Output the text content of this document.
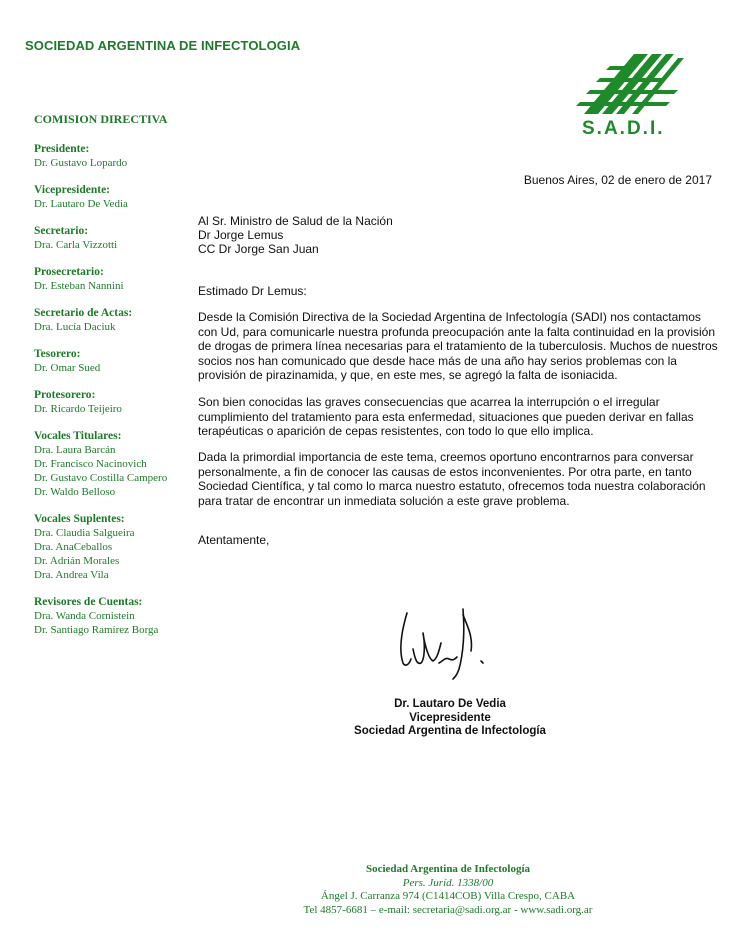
SOCIEDAD ARGENTINA DE INFECTOLOGIA
S.A.D.I.
COMISION DIRECTIVA
Presidente:
Dr. Gustavo Lopardo
Vicepresidente:
Dr. Lautaro De Vedia
Secretario:
Dra. Carla Vizzotti
Prosecretario:
Dr. Esteban Nannini
Secretario de Actas:
Dra. Lucía Daciuk
Tesorero:
Dr. Omar Sued
Protesorero:
Dr. Ricardo Teijeiro
Vocales Titulares:
Dra. Laura Barcán
Dr. Francisco Nacinovich
Dr. Gustavo Costilla Campero
Dr. Waldo Belloso
Vocales Suplentes:
Dra. Claudia Salgueira
Dra. AnaCeballos
Dr. Adrián Morales
Dra. Andrea Vila
Revisores de Cuentas:
Dra. Wanda Cornistein
Dr. Santiago Ramírez Borga
Buenos Aires, 02 de enero de 2017
Al Sr. Ministro de Salud de la Nación
Dr Jorge Lemus
CC Dr Jorge San Juan
Estimado Dr Lemus:
Desde la Comisión Directiva de la Sociedad Argentina de Infectología (SADI) nos contactamos con Ud, para comunicarle nuestra profunda preocupación ante la falta continuidad en la provisión de drogas de primera línea necesarias para el tratamiento de la tuberculosis. Muchos de nuestros socios nos han comunicado que desde hace más de una año hay serios problemas con la provisión de pirazinamida, y que, en este mes, se agregó la falta de isoniacida.
Son bien conocidas las graves consecuencias que acarrea la interrupción o el irregular cumplimiento del tratamiento para esta enfermedad, situaciones que pueden derivar en fallas terapéuticas o aparición de cepas resistentes, con todo lo que ello implica.
Dada la primordial importancia de este tema, creemos oportuno encontrarnos para conversar personalmente, a fin de conocer las causas de estos inconvenientes. Por otra parte, en tanto Sociedad Científica, y tal como lo marca nuestro estatuto, ofrecemos toda nuestra colaboración para tratar de encontrar un inmediata solución a este grave problema.
Atentamente,
Dr. Lautaro De Vedia
Vicepresidente
Sociedad Argentina de Infectología
Sociedad Argentina de Infectología
Pers. Juríd. 1338/00
Ángel J. Carranza 974 (C1414COB) Villa Crespo, CABA
Tel 4857-6681 – e-mail: secretaria@sadi.org.ar - www.sadi.org.ar
